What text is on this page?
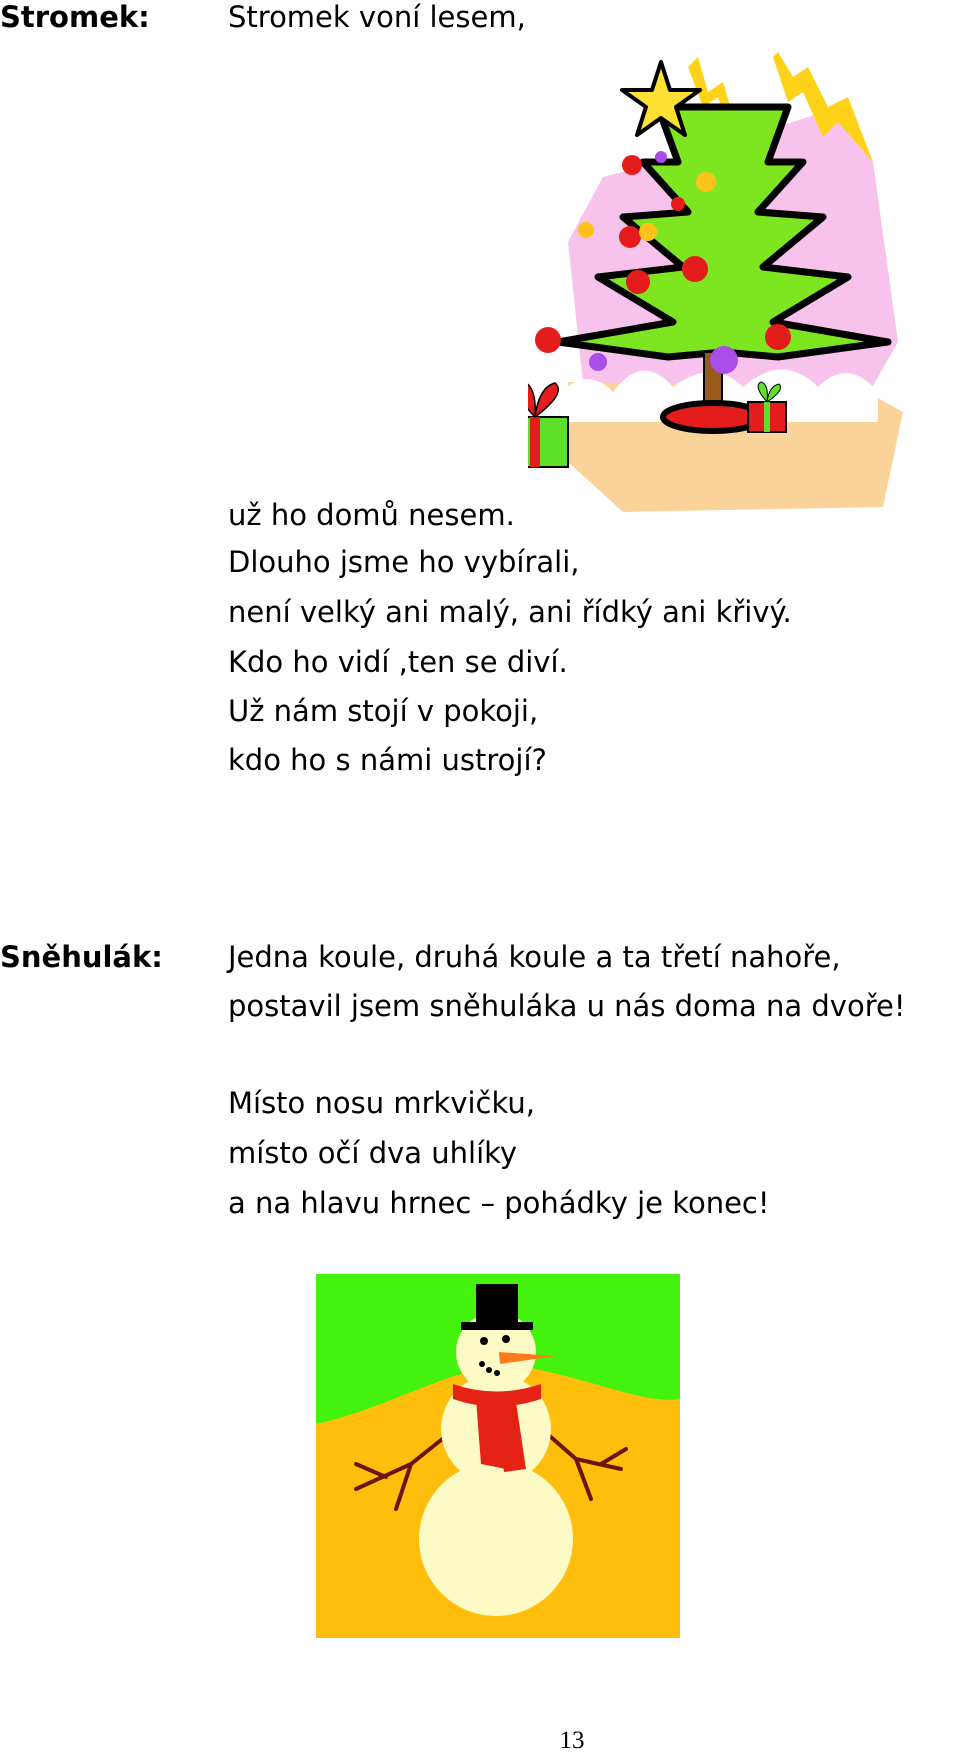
Stromek:	Stromek voní lesem,
už ho domů nesem.
Dlouho jsme ho vybírali,
není velký ani malý, ani řídký ani křivý.
Kdo ho vidí ,ten se diví.
Už nám stojí v pokoji,
kdo ho s námi ustrojí?
Sněhulák: Jedna koule, druhá koule a ta třetí nahoře,
postavil jsem sněhuláka u nás doma na dvoře!
Místo nosu mrkvičku,
místo očí dva uhlíky
a na hlavu hrnec – pohádky je konec!
13
